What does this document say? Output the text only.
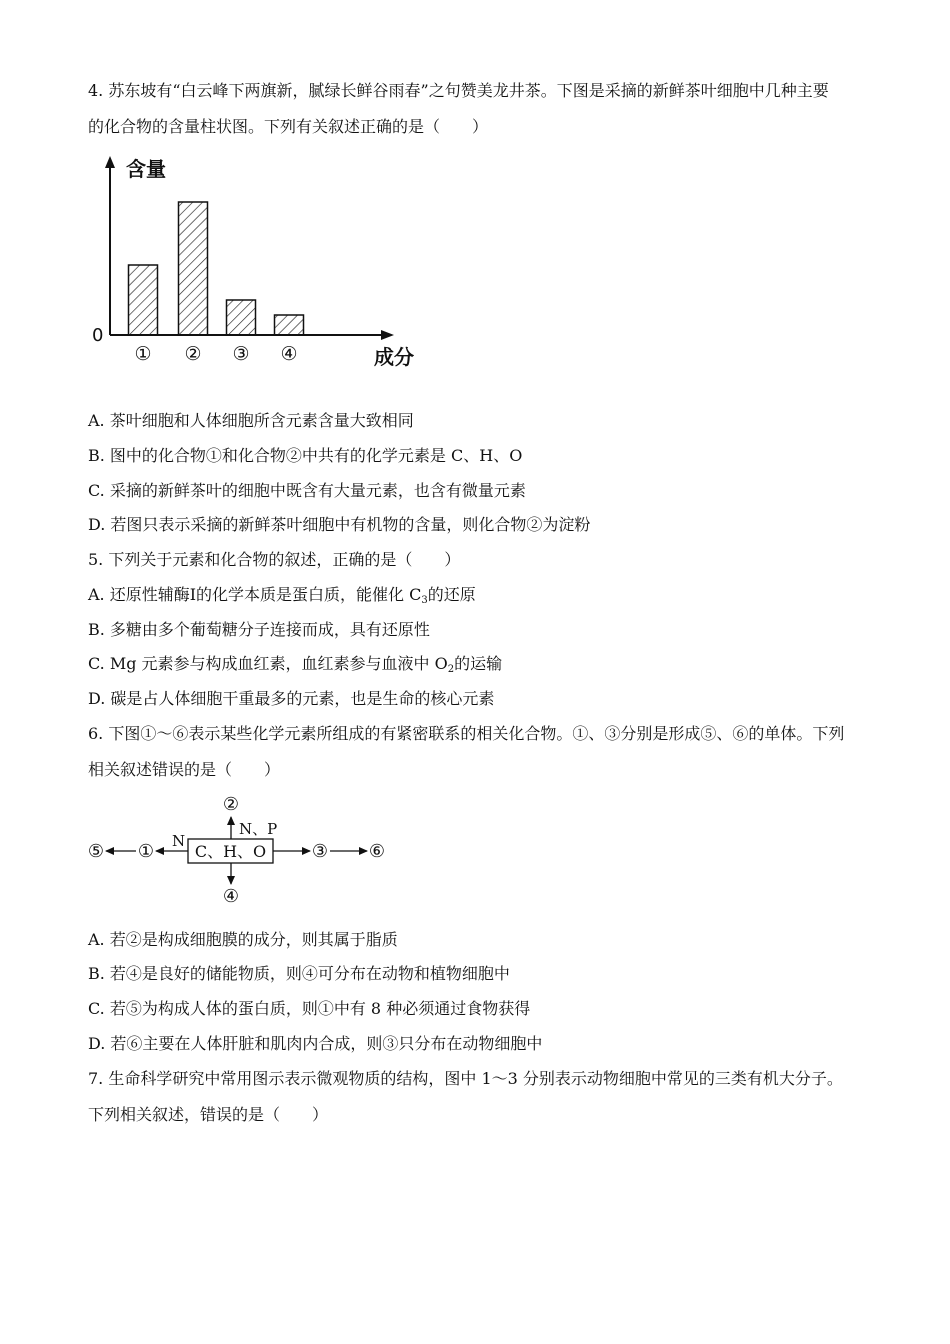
4. 苏东坡有“白云峰下两旗新，腻绿长鲜谷雨春”之句赞美龙井茶。下图是采摘的新鲜茶叶细胞中几种主要
的化合物的含量柱状图。下列有关叙述正确的是（　　）
① ② ③ ④
含量
0
成分
A. 茶叶细胞和人体细胞所含元素含量大致相同
B. 图中的化合物①和化合物②中共有的化学元素是 C、H、O
C. 采摘的新鲜茶叶的细胞中既含有大量元素，也含有微量元素
D. 若图只表示采摘的新鲜茶叶细胞中有机物的含量，则化合物②为淀粉
5. 下列关于元素和化合物的叙述，正确的是（　　）
A. 还原性辅酶Ⅰ的化学本质是蛋白质，能催化 $C_3$的还原
B. 多糖由多个葡萄糖分子连接而成，具有还原性
C. Mg 元素参与构成血红素，血红素参与血液中 $O_2$的运输
D. 碳是占人体细胞干重最多的元素，也是生命的核心元素
6. 下图①～⑥表示某些化学元素所组成的有紧密联系的相关化合物。①、③分别是形成⑤、⑥的单体。下列
相关叙述错误的是（　　）
C、H、O
②
N、P
④
N
①
⑤	③ ⑥
A. 若②是构成细胞膜的成分，则其属于脂质
B. 若④是良好的储能物质，则④可分布在动物和植物细胞中
C. 若⑤为构成人体的蛋白质，则①中有 8 种必须通过食物获得
D. 若⑥主要在人体肝脏和肌肉内合成，则③只分布在动物细胞中
7. 生命科学研究中常用图示表示微观物质的结构，图中 1～3 分别表示动物细胞中常见的三类有机大分子。
下列相关叙述，错误的是（　　）
